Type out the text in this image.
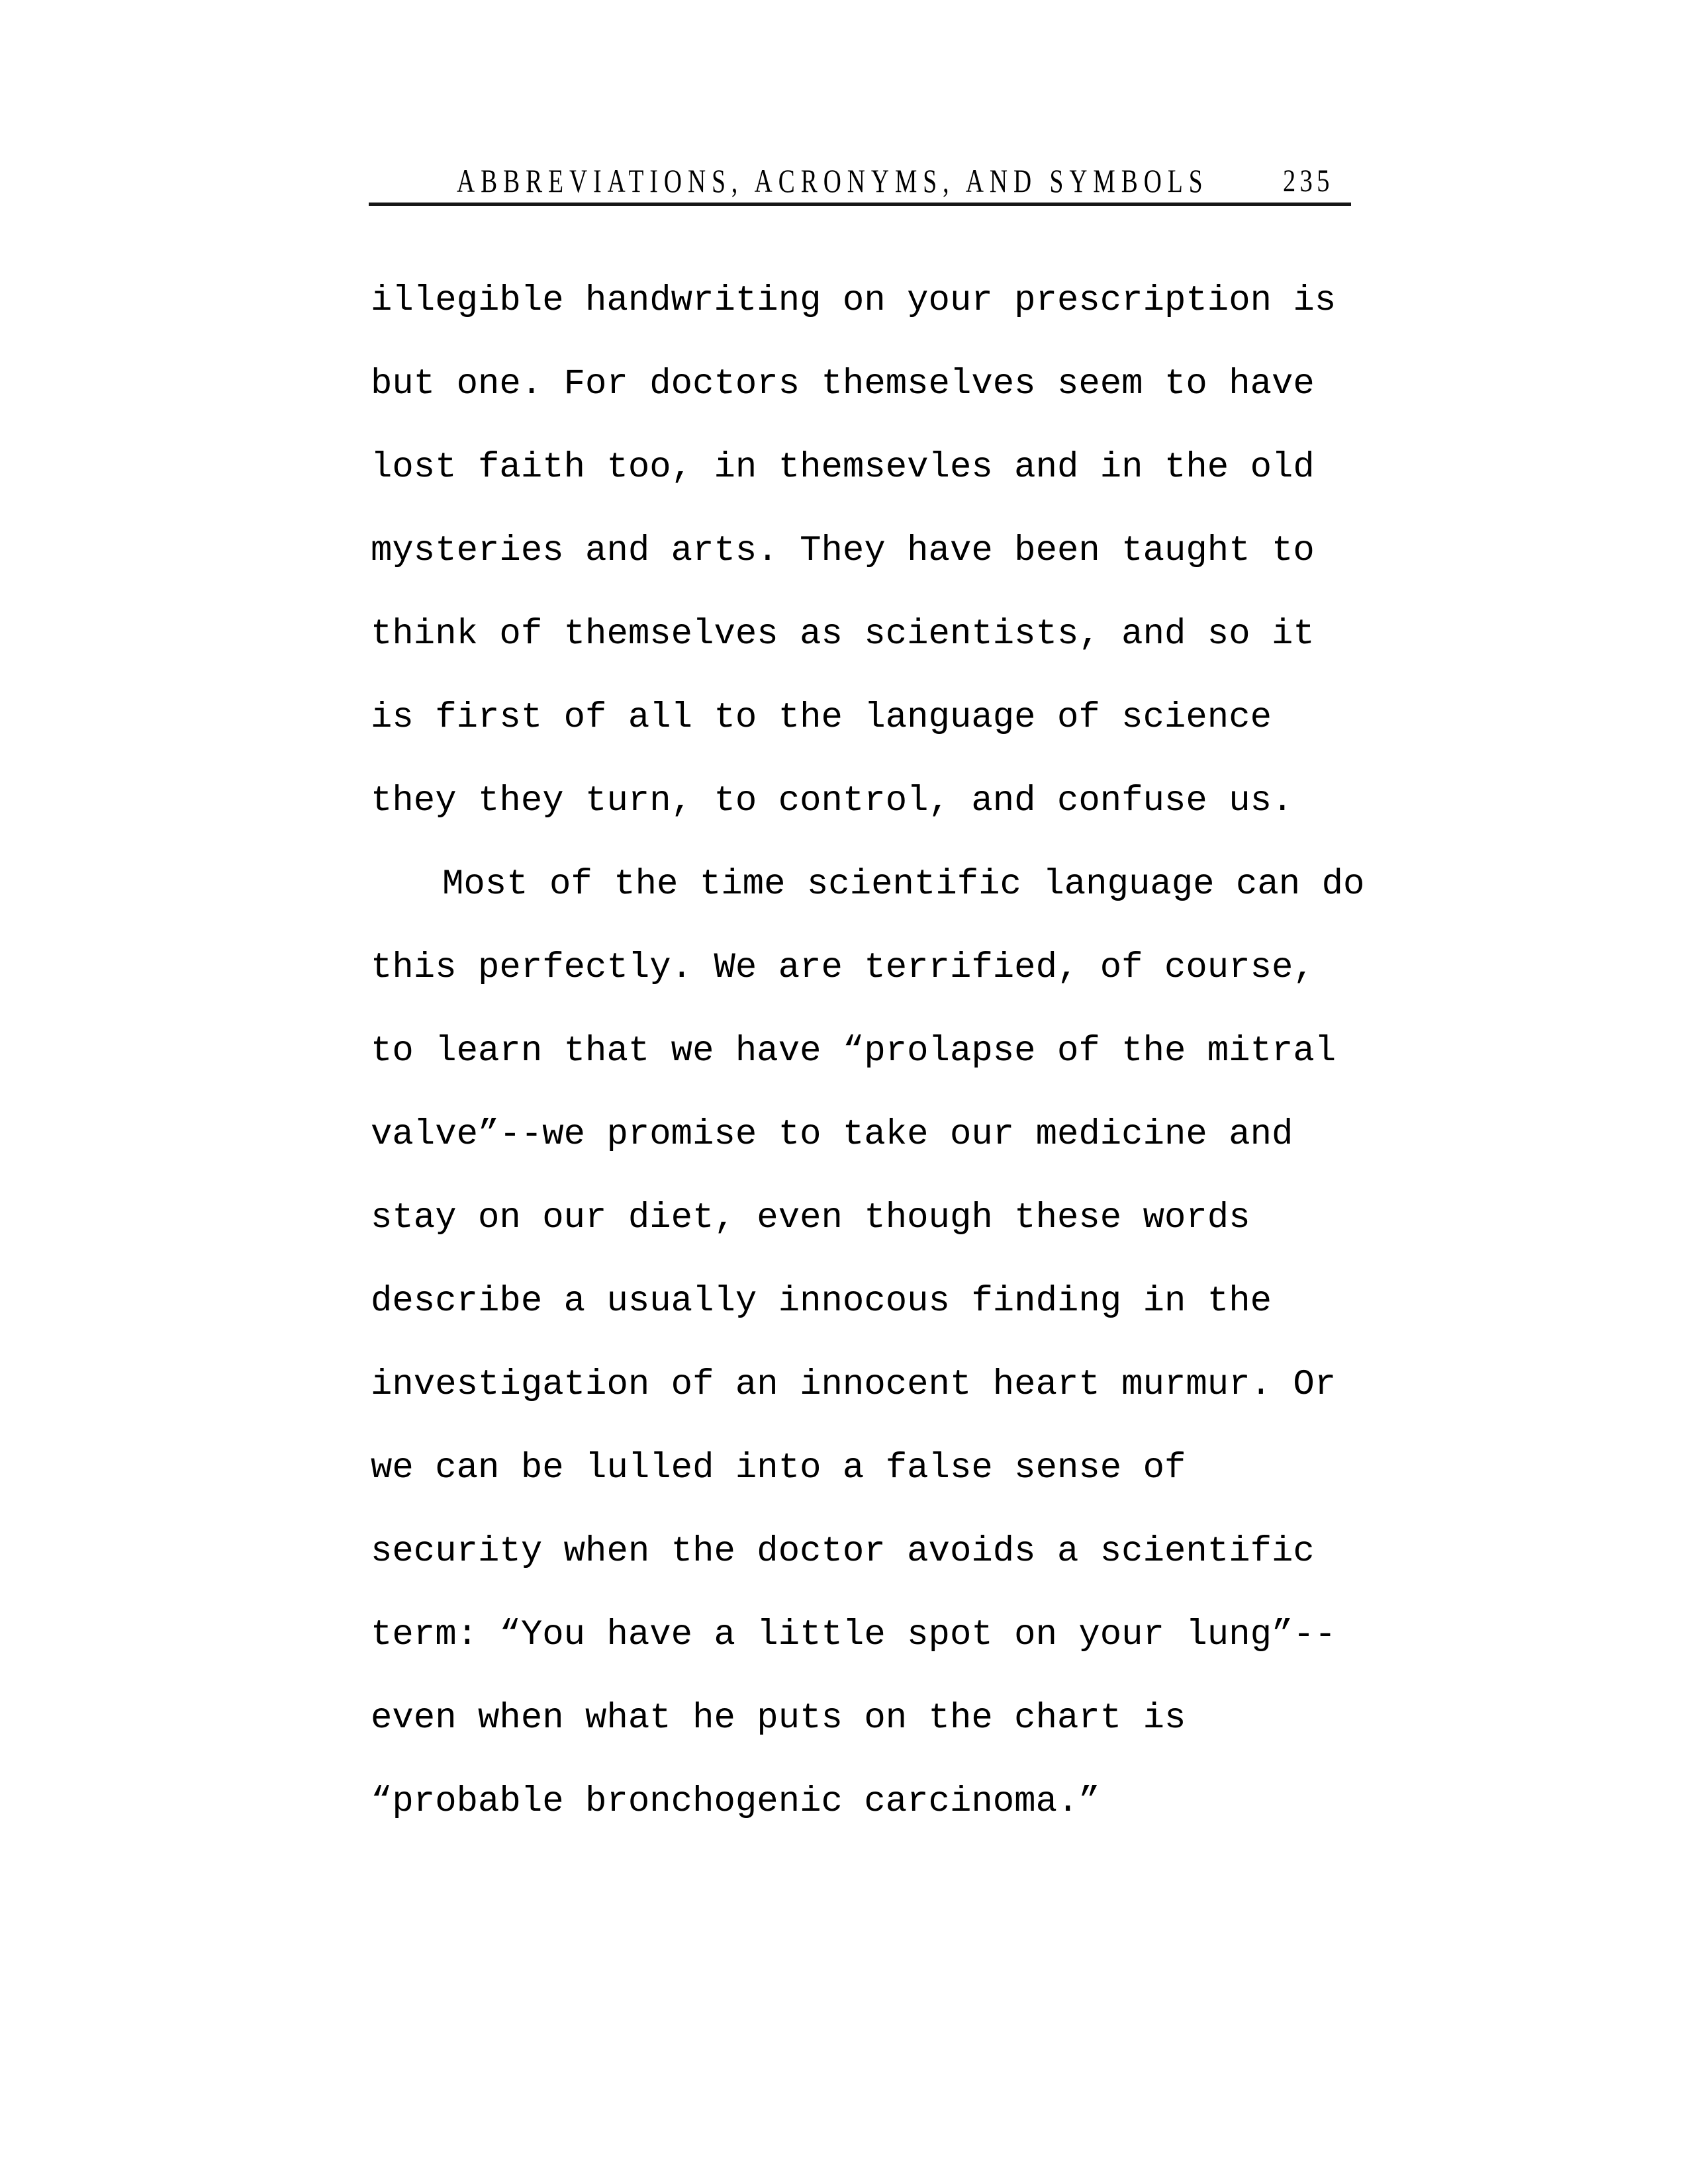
ABBREVIATIONS, ACRONYMS, AND SYMBOLS 235
illegible handwriting on your prescription is
but one. For doctors themselves seem to have
lost faith too, in themsevles and in the old
mysteries and arts. They have been taught to
think of themselves as scientists, and so it
is first of all to the language of science
they they turn, to control, and confuse us.
Most of the time scientific language can do
this perfectly. We are terrified, of course,
to learn that we have “prolapse of the mitral
valve”--we promise to take our medicine and
stay on our diet, even though these words
describe a usually innocous finding in the
investigation of an innocent heart murmur. Or
we can be lulled into a false sense of
security when the doctor avoids a scientific
term: “You have a little spot on your lung”--
even when what he puts on the chart is
“probable bronchogenic carcinoma.”
